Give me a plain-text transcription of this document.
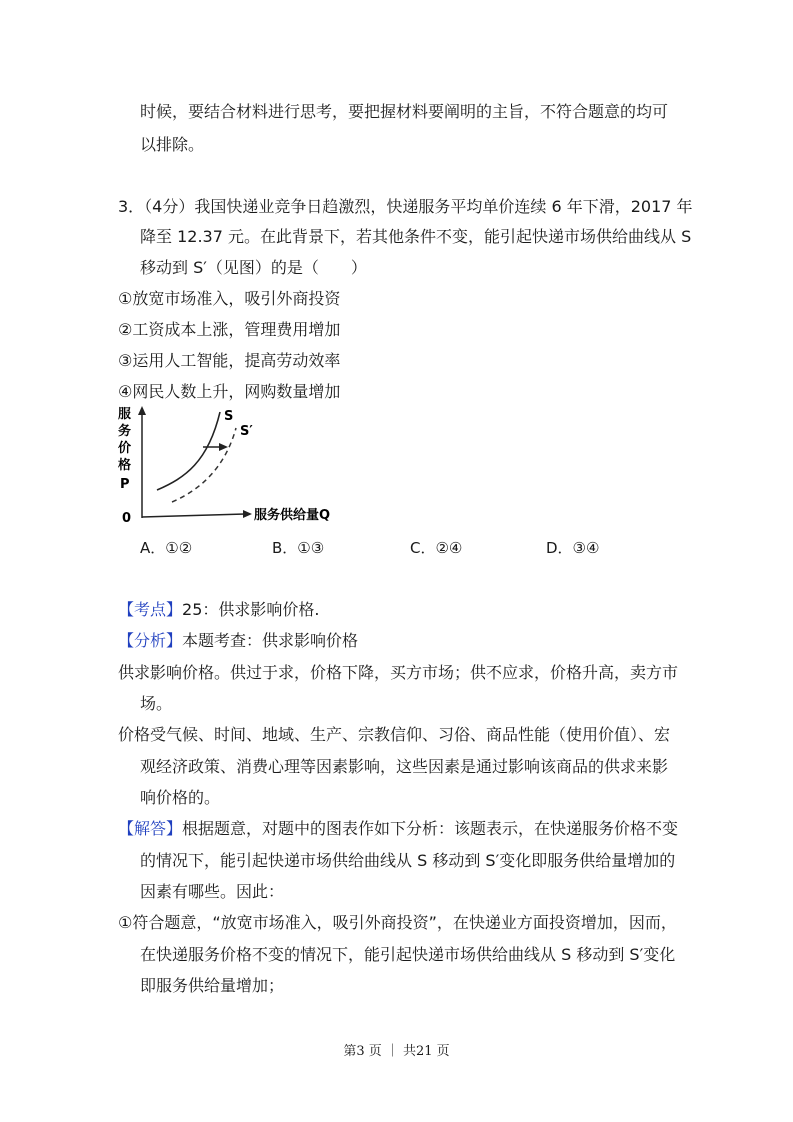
时候，要结合材料进行思考，要把握材料要阐明的主旨，不符合题意的均可
以排除。
3．（4分）我国快递业竞争日趋激烈，快递服务平均单价连续 6 年下滑，2017 年
降至 12.37 元。在此背景下，若其他条件不变，能引起快递市场供给曲线从 S
移动到 S′（见图）的是（　　）
①放宽市场准入，吸引外商投资
②工资成本上涨，管理费用增加
③运用人工智能，提高劳动效率
④网民人数上升，网购数量增加
服
务
价
格
P
0	服务供给量Q
S
S′
A．①②	B．①③	C．②④	D．③④
【考点】25：供求影响价格.
【分析】本题考查：供求影响价格
供求影响价格。供过于求，价格下降，买方市场；供不应求，价格升高，卖方市
场。
价格受气候、时间、地域、生产、宗教信仰、习俗、商品性能（使用价值）、宏
观经济政策、消费心理等因素影响，这些因素是通过影响该商品的供求来影
响价格的。
【解答】根据题意，对题中的图表作如下分析：该题表示，在快递服务价格不变
的情况下，能引起快递市场供给曲线从 S 移动到 S′变化即服务供给量增加的
因素有哪些。因此：
①符合题意，“放宽市场准入，吸引外商投资”，在快递业方面投资增加，因而，
在快递服务价格不变的情况下，能引起快递市场供给曲线从 S 移动到 S′变化
即服务供给量增加；
第3 页 ｜ 共21 页
